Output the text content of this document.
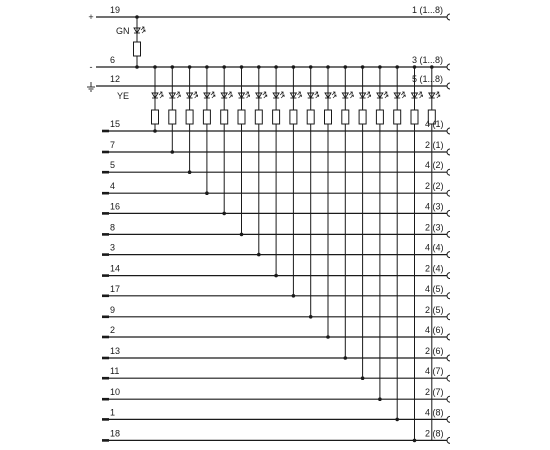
19	1 (1...8)
6	3 (1...8)
12	5 (1...8)
+
-
GN
15	4 (1)
7	2 (1)
5	4 (2)
4	2 (2)
16	4 (3)
8	2 (3)
3	4 (4)
14	2 (4)
17	4 (5)
9	2 (5)
2	4 (6)
13	2 (6)
11	4 (7)
10	2 (7)
1	4 (8)
18	2 (8)
YE
